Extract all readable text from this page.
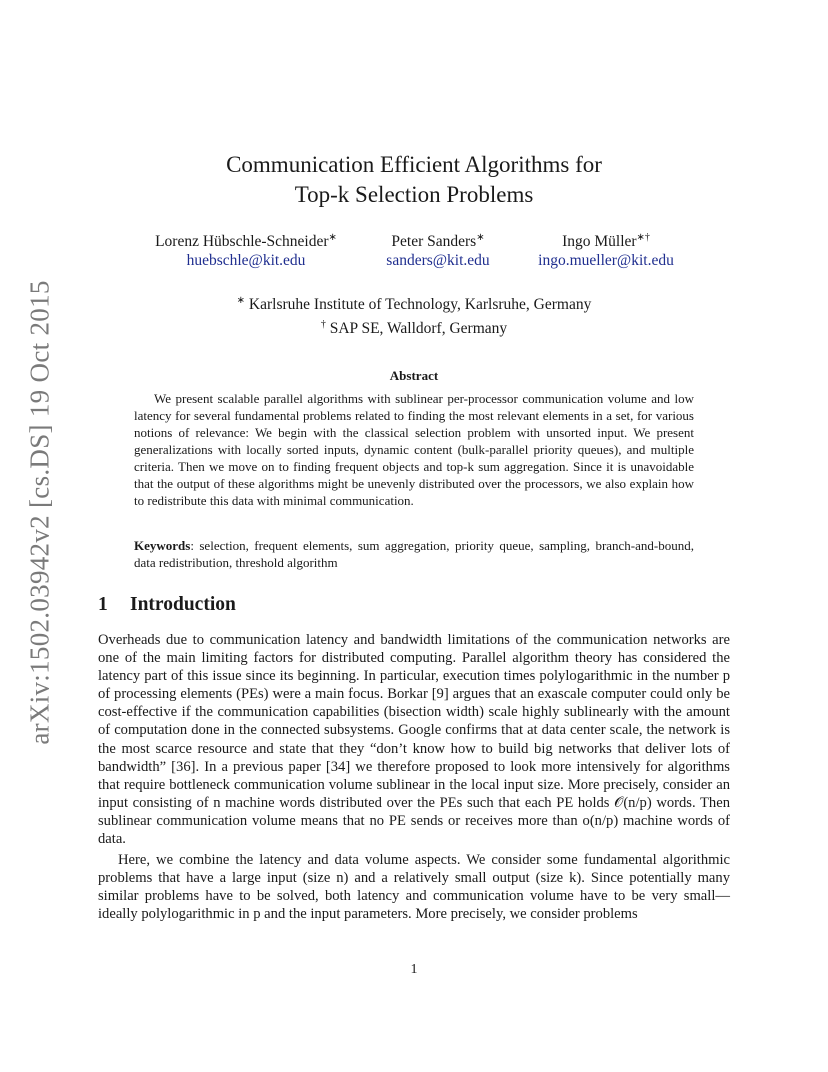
arXiv:1502.03942v2 [cs.DS] 19 Oct 2015
Communication Efficient Algorithms for
Top-k Selection Problems
Lorenz Hübschle-Schneider∗
huebschle@kit.edu
Peter Sanders∗
sanders@kit.edu
Ingo Müller∗†
ingo.mueller@kit.edu
∗ Karlsruhe Institute of Technology, Karlsruhe, Germany
† SAP SE, Walldorf, Germany
Abstract

We present scalable parallel algorithms with sublinear per-processor communication volume and low latency for several fundamental problems related to finding the most relevant elements in a set, for various notions of relevance: We begin with the classical selection problem with unsorted input. We present generalizations with locally sorted inputs, dynamic content (bulk-parallel priority queues), and multiple criteria. Then we move on to finding frequent objects and top-k sum aggregation. Since it is unavoidable that the output of these algorithms might be unevenly distributed over the processors, we also explain how to redistribute this data with minimal communication.

Keywords: selection, frequent elements, sum aggregation, priority queue, sampling, branch-and-bound, data redistribution, threshold algorithm

1 Introduction

Overheads due to communication latency and bandwidth limitations of the communication networks are one of the main limiting factors for distributed computing. Parallel algorithm theory has considered the latency part of this issue since its beginning. In particular, execution times polylogarithmic in the number p of processing elements (PEs) were a main focus. Borkar [9] argues that an exascale computer could only be cost-effective if the communication capabilities (bisection width) scale highly sublinearly with the amount of computation done in the connected subsystems. Google confirms that at data center scale, the network is the most scarce resource and state that they “don’t know how to build big networks that deliver lots of bandwidth” [36]. In a previous paper [34] we therefore proposed to look more intensively for algorithms that require bottleneck communication volume sublinear in the local input size. More precisely, consider an input consisting of n machine words distributed over the PEs such that each PE holds 𝒪(n/p) words. Then sublinear communication volume means that no PE sends or receives more than o(n/p) machine words of data.

Here, we combine the latency and data volume aspects. We consider some fundamental algorithmic problems that have a large input (size n) and a relatively small output (size k). Since potentially many similar problems have to be solved, both latency and communication volume have to be very small—ideally polylogarithmic in p and the input parameters. More precisely, we consider problems

1
